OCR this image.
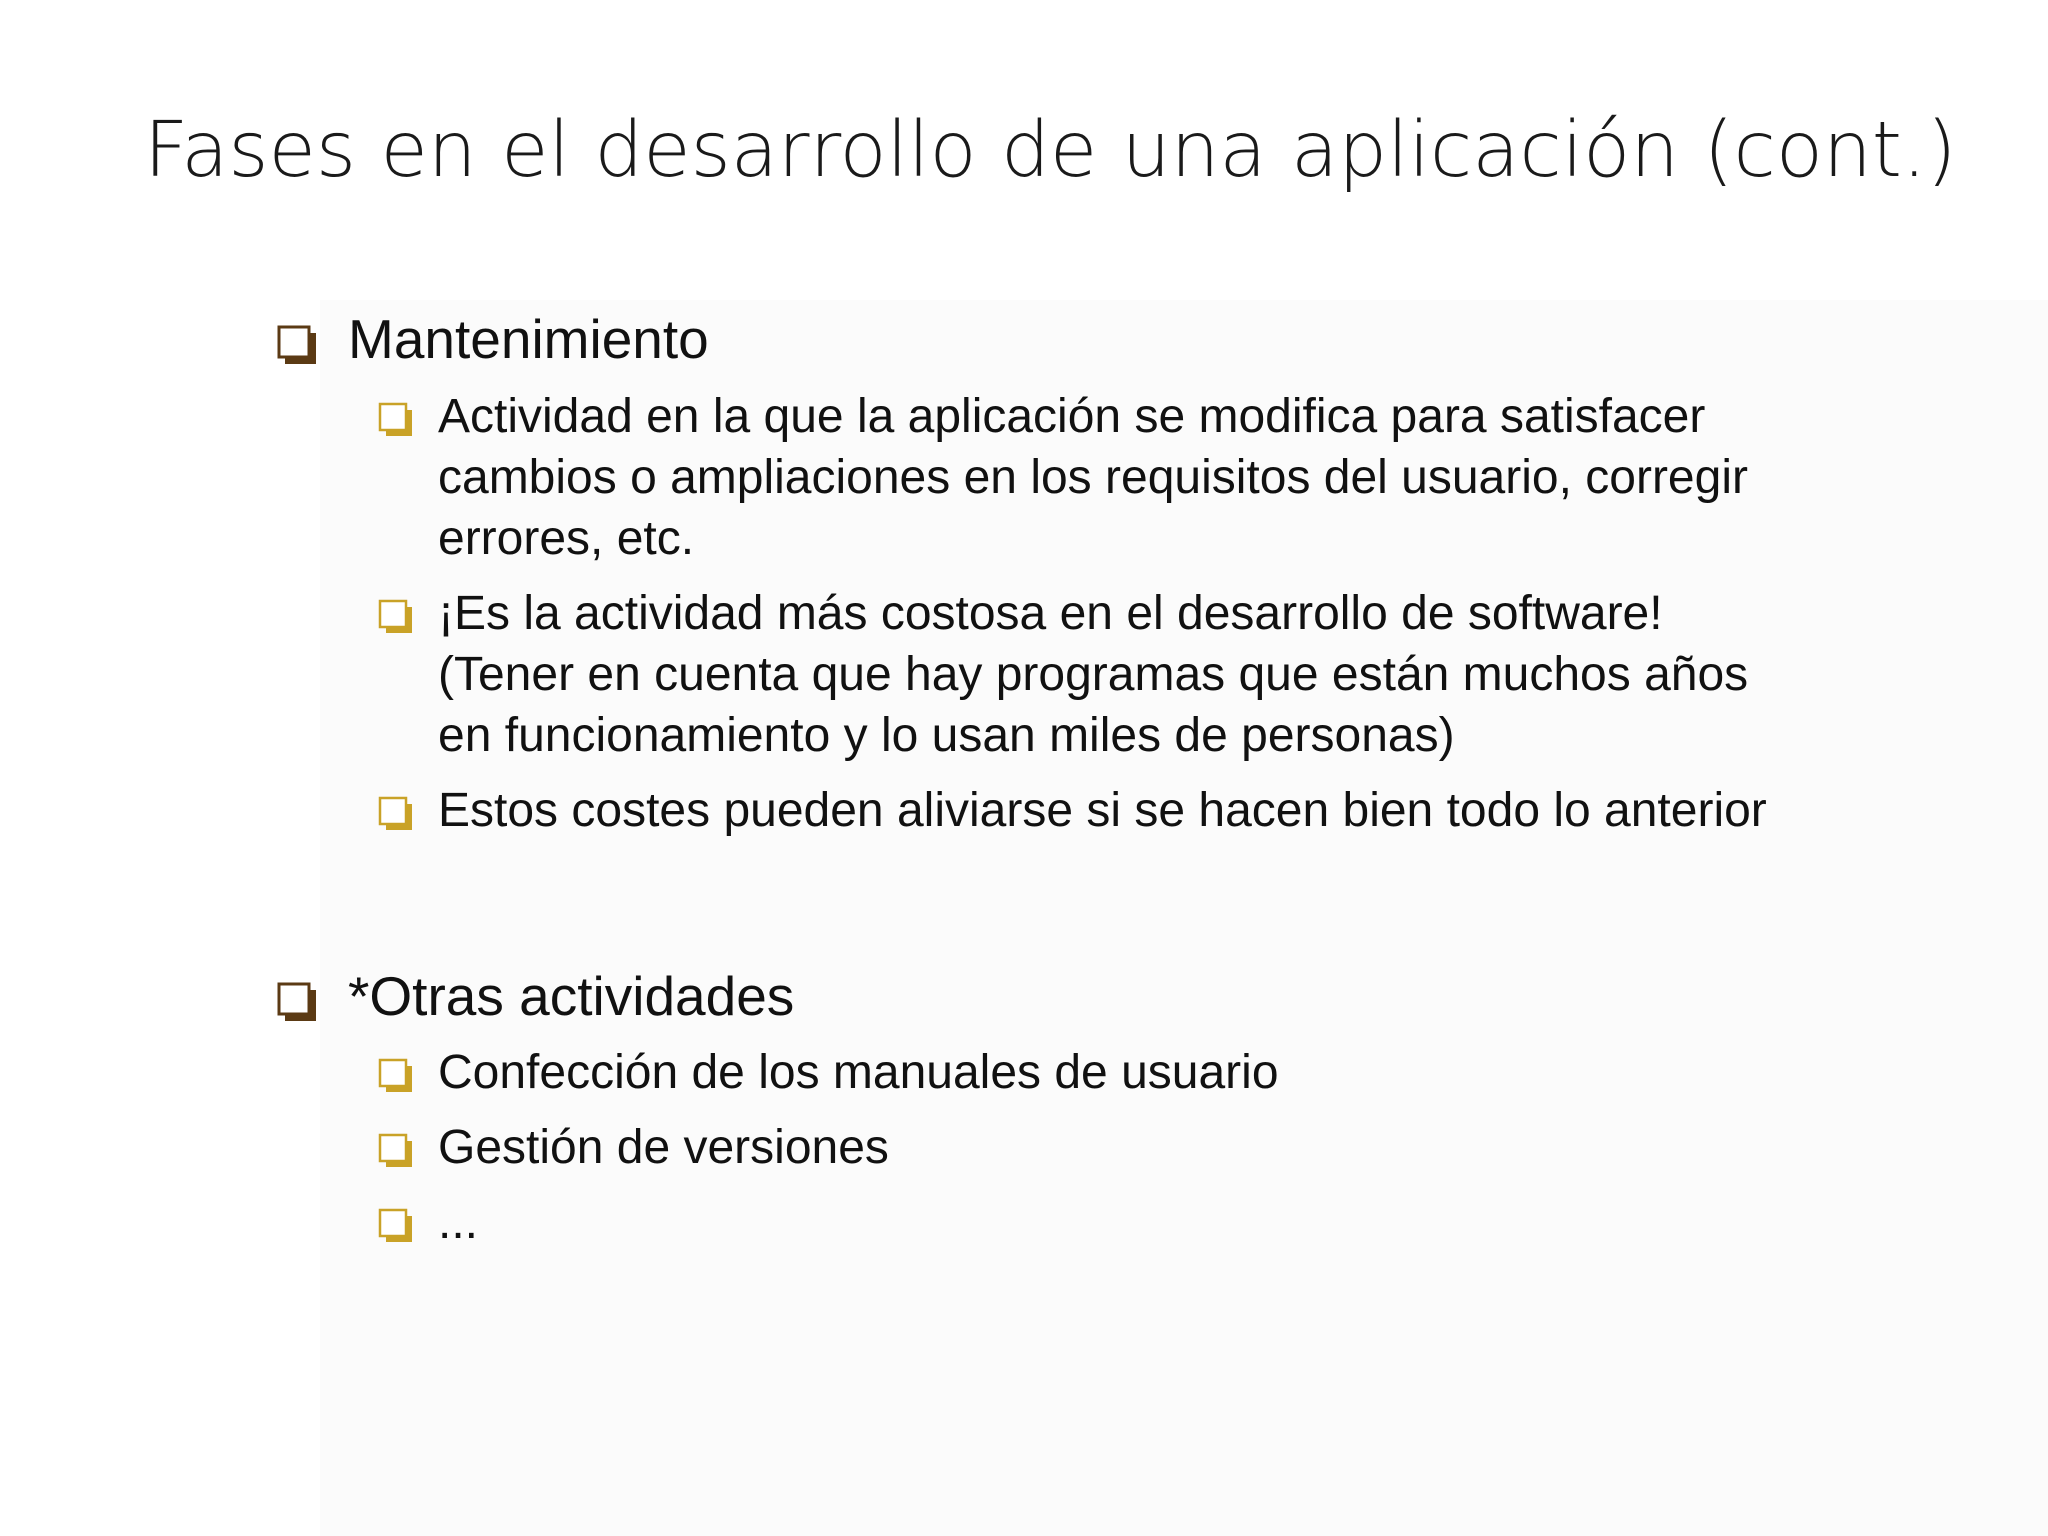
Fases en el desarrollo de una aplicación (cont.)
Mantenimiento
Actividad en la que la aplicación se modifica para satisfacer
cambios o ampliaciones en los requisitos del usuario, corregir
errores, etc.
¡Es la actividad más costosa en el desarrollo de software!
(Tener en cuenta que hay programas que están muchos años
en funcionamiento y lo usan miles de personas)
Estos costes pueden aliviarse si se hacen bien todo lo anterior
*Otras actividades
Confección de los manuales de usuario
Gestión de versiones
...
